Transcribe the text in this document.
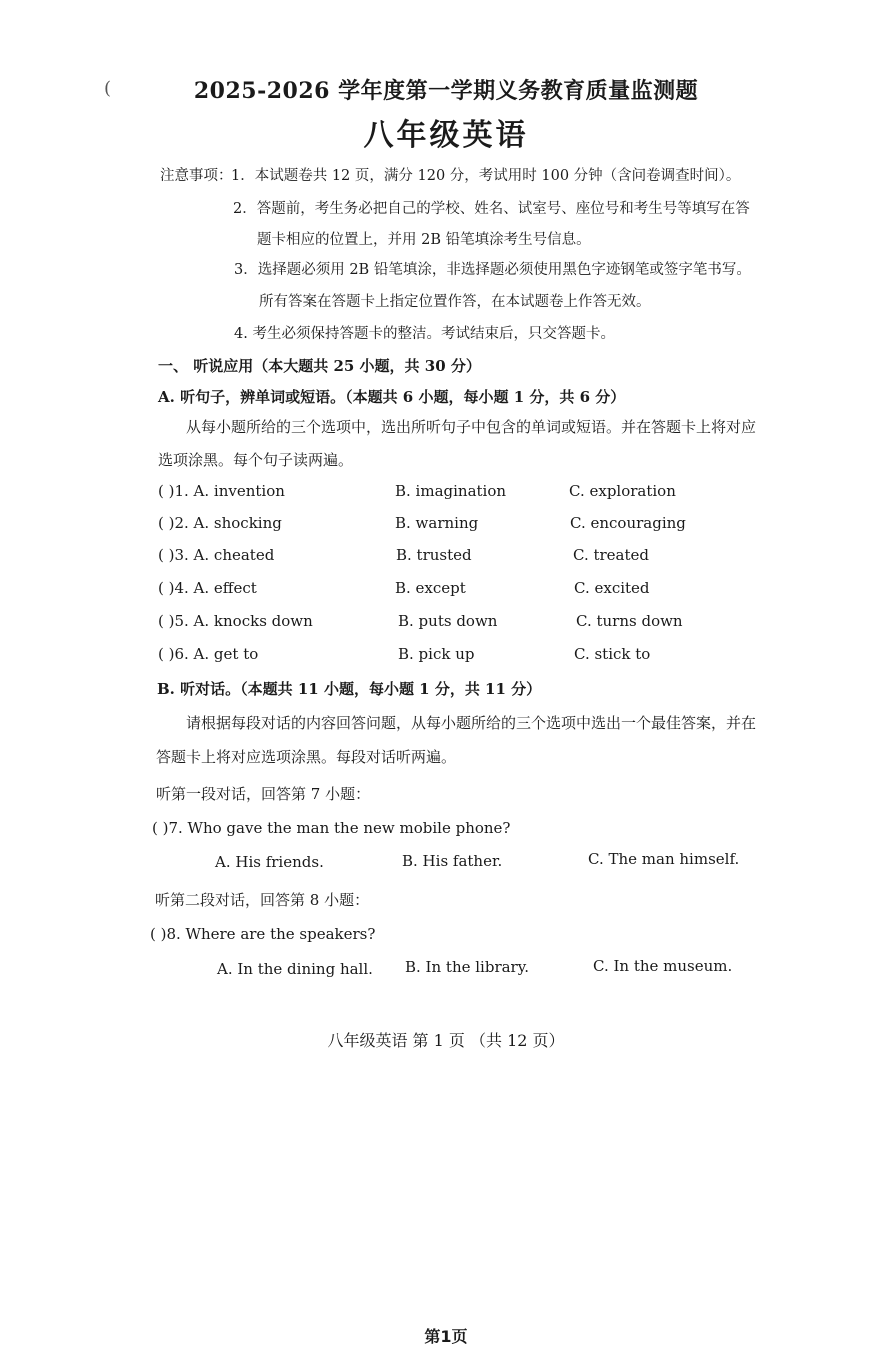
(	2025-2026 学年度第一学期义务教育质量监测题
八年级英语
注意事项：
1．本试题卷共 12 页，满分 120 分，考试用时 100 分钟（含问卷调查时间）。
2．答题前，考生务必把自己的学校、姓名、试室号、座位号和考生号等填写在答
题卡相应的位置上，并用 2B 铅笔填涂考生号信息。
3．选择题必须用 2B 铅笔填涂，非选择题必须使用黑色字迹钢笔或签字笔书写。
所有答案在答题卡上指定位置作答，在本试题卷上作答无效。
4. 考生必须保持答题卡的整洁。考试结束后，只交答题卡。
一、 听说应用（本大题共 25 小题，共 30 分）
A. 听句子，辨单词或短语。（本题共 6 小题，每小题 1 分，共 6 分）
从每小题所给的三个选项中，选出所听句子中包含的单词或短语。并在答题卡上将对应
选项涂黑。每个句子读两遍。
( )1. A. invention	B. imagination	C. exploration
( )2. A. shocking	B. warning	C. encouraging
( )3. A. cheated	B. trusted	C. treated
( )4. A. effect	B. except	C. excited
( )5. A. knocks down	B. puts down	C. turns down
( )6. A. get to	B. pick up	C. stick to
B. 听对话。（本题共 11 小题，每小题 1 分，共 11 分）
请根据每段对话的内容回答问题，从每小题所给的三个选项中选出一个最佳答案，并在
答题卡上将对应选项涂黑。每段对话听两遍。
听第一段对话，回答第 7 小题：
( )7. Who gave the man the new mobile phone?
A. His friends.	B. His father.	C. The man himself.
听第二段对话，回答第 8 小题：
( )8. Where are the speakers?
A. In the dining hall. B. In the library.	C. In the museum.
八年级英语 第 1 页 （共 12 页）
第1页
